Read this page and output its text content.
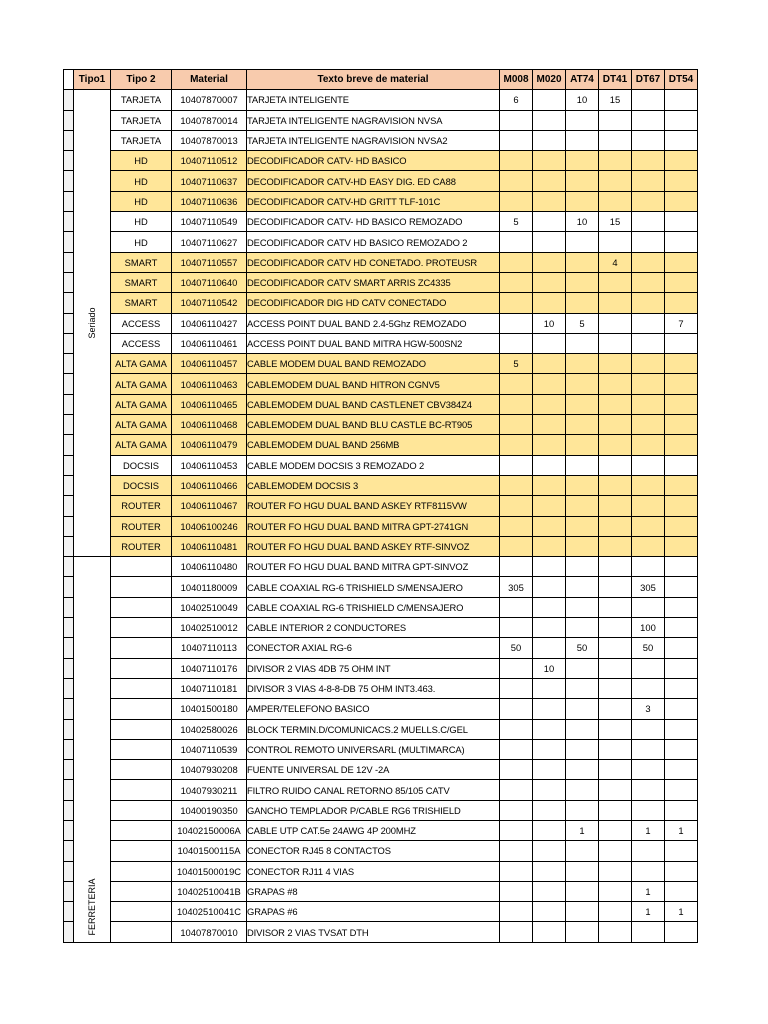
	Tipo1	Tipo 2	Material	Texto breve de material	M008	M020	AT74	DT41	DT67	DT54

	Seriado	TARJETA	10407870007	TARJETA INTELIGENTE	6		10	15		
		TARJETA	10407870014	TARJETA INTELIGENTE NAGRAVISION NVSA						
		TARJETA	10407870013	TARJETA INTELIGENTE NAGRAVISION NVSA2						
		HD	10407110512	DECODIFICADOR CATV- HD BASICO						
		HD	10407110637	DECODIFICADOR CATV-HD EASY DIG. ED CA88						
		HD	10407110636	DECODIFICADOR CATV-HD GRITT TLF-101C						
		HD	10407110549	DECODIFICADOR CATV- HD BASICO REMOZADO	5		10	15		
		HD	10407110627	DECODIFICADOR CATV HD BASICO REMOZADO 2						
		SMART	10407110557	DECODIFICADOR CATV HD CONETADO. PROTEUSR				4		
		SMART	10407110640	DECODIFICADOR CATV SMART ARRIS ZC4335						
		SMART	10407110542	DECODIFICADOR DIG HD CATV CONECTADO						
		ACCESS	10406110427	ACCESS POINT DUAL BAND 2.4-5Ghz REMOZADO		10	5			7
		ACCESS	10406110461	ACCESS POINT DUAL BAND MITRA HGW-500SN2						
		ALTA GAMA	10406110457	CABLE MODEM DUAL BAND REMOZADO	5					
		ALTA GAMA	10406110463	CABLEMODEM DUAL BAND HITRON CGNV5						
		ALTA GAMA	10406110465	CABLEMODEM DUAL BAND CASTLENET CBV384Z4						
		ALTA GAMA	10406110468	CABLEMODEM DUAL BAND BLU CASTLE BC-RT905						
		ALTA GAMA	10406110479	CABLEMODEM DUAL BAND 256MB						
		DOCSIS	10406110453	CABLE MODEM DOCSIS 3 REMOZADO 2						
		DOCSIS	10406110466	CABLEMODEM DOCSIS 3						
		ROUTER	10406110467	ROUTER FO HGU DUAL BAND ASKEY RTF8115VW						
		ROUTER	10406100246	ROUTER FO HGU DUAL BAND MITRA GPT-2741GN						
		ROUTER	10406110481	ROUTER FO HGU DUAL BAND ASKEY RTF-SINVOZ						

	FERRETERIA		10406110480	ROUTER FO HGU DUAL BAND MITRA GPT-SINVOZ						
			10401180009	CABLE COAXIAL RG-6 TRISHIELD S/MENSAJERO	305				305	
			10402510049	CABLE COAXIAL RG-6 TRISHIELD C/MENSAJERO						
			10402510012	CABLE INTERIOR 2 CONDUCTORES					100	
			10407110113	CONECTOR AXIAL RG-6	50		50		50	
			10407110176	DIVISOR 2 VIAS 4DB 75 OHM INT		10				
			10407110181	DIVISOR 3 VIAS 4-8-8-DB 75 OHM INT3.463.						
			10401500180	AMPER/TELEFONO BASICO					3	
			10402580026	BLOCK TERMIN.D/COMUNICACS.2 MUELLS.C/GEL						
			10407110539	CONTROL REMOTO UNIVERSARL (MULTIMARCA)						
			10407930208	FUENTE UNIVERSAL DE 12V -2A						
			10407930211	FILTRO RUIDO CANAL RETORNO 85/105 CATV						
			10400190350	GANCHO TEMPLADOR P/CABLE RG6 TRISHIELD						
			10402150006A	CABLE UTP CAT.5e 24AWG 4P 200MHZ			1		1	1
			10401500115A	CONECTOR RJ45 8 CONTACTOS						
			10401500019C	CONECTOR RJ11 4 VIAS						
			10402510041B	GRAPAS #8					1	
			10402510041C	GRAPAS #6					1	1
			10407870010	DIVISOR 2 VIAS TVSAT DTH						
